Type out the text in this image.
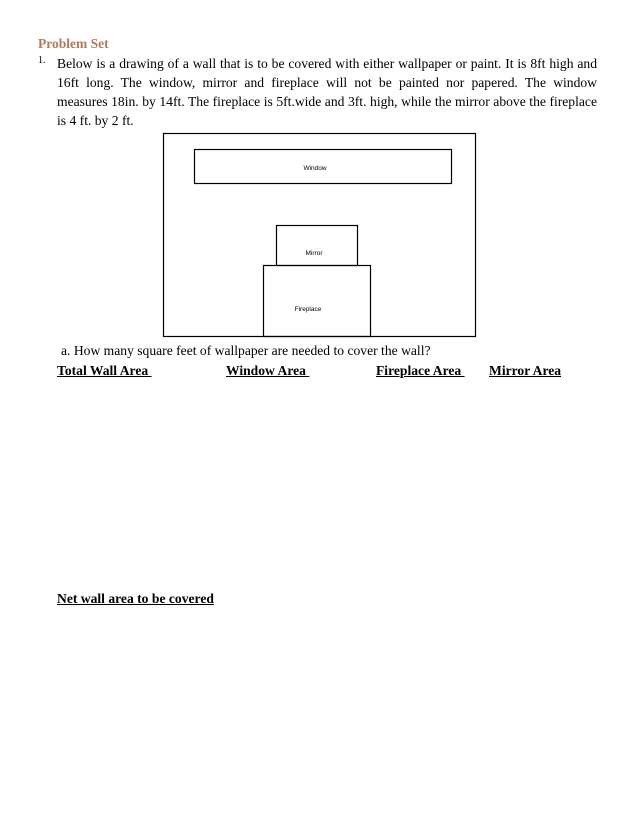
Problem Set
1. Below is a drawing of a wall that is to be covered with either wallpaper or paint. It is 8ft high and 16ft long. The window, mirror and fireplace will not be painted nor papered. The window measures 18in. by 14ft. The fireplace is 5ft.wide and 3ft. high, while the mirror above the fireplace is 4 ft. by 2 ft.
Window
Mirror
Fireplace
a. How many square feet of wallpaper are needed to cover the wall?
Total Wall Area	Window Area	Fireplace Area Mirror Area
Net wall area to be covered
